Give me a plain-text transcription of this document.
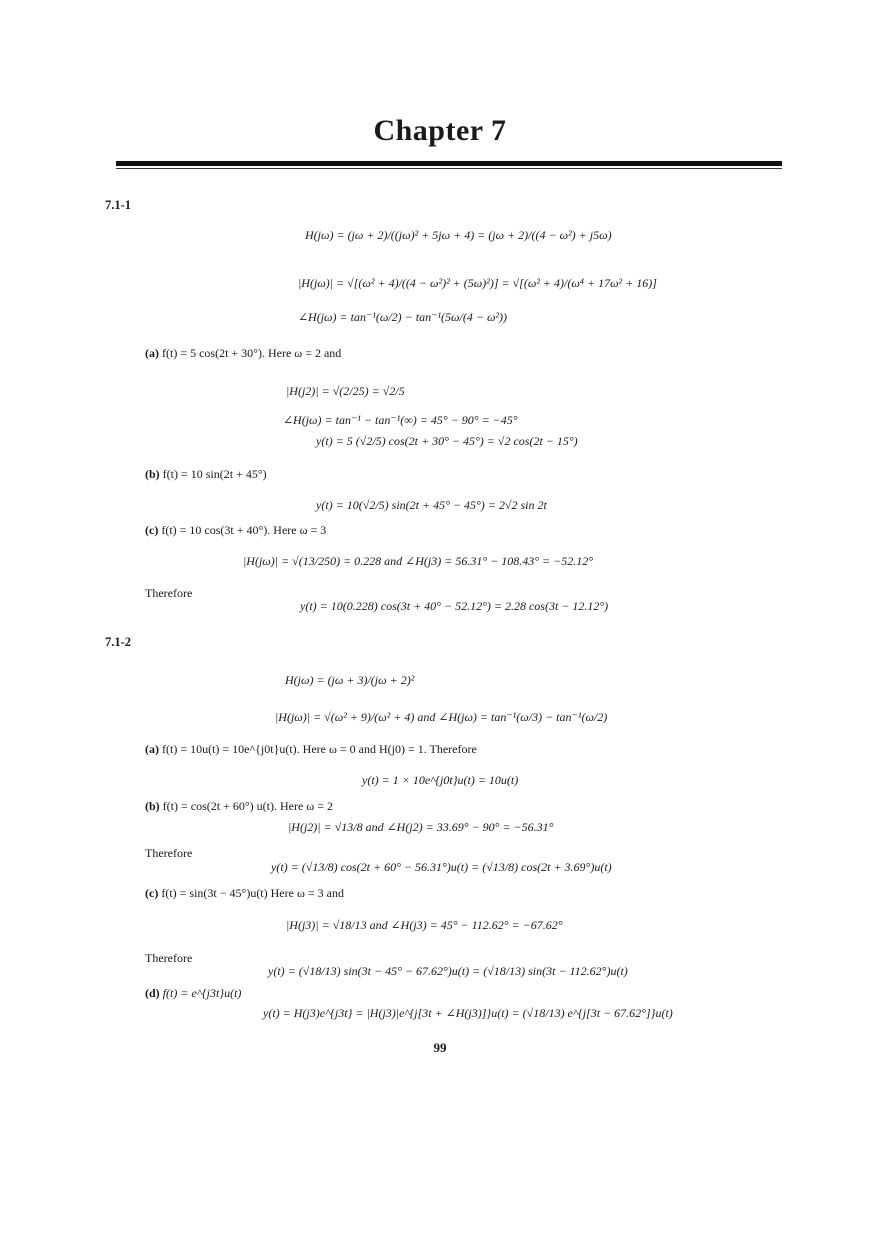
Chapter 7
7.1-1
H(jω) = (jω + 2)/((jω)² + 5jω + 4) = (jω + 2)/((4 − ω²) + j5ω)
|H(jω)| = √[(ω² + 4)/((4 − ω²)² + (5ω)²)] = √[(ω² + 4)/(ω⁴ + 17ω² + 16)]
∠H(jω) = tan⁻¹(ω/2) − tan⁻¹(5ω/(4 − ω²))
(a) f(t) = 5 cos(2t + 30°). Here ω = 2 and
|H(j2)| = √(2/25) = √2/5
∠H(jω) = tan⁻¹ − tan⁻¹(∞) = 45° − 90° = −45°
y(t) = 5 (√2/5) cos(2t + 30° − 45°) = √2 cos(2t − 15°)
(b) f(t) = 10 sin(2t + 45°)
y(t) = 10(√2/5) sin(2t + 45° − 45°) = 2√2 sin 2t
(c) f(t) = 10 cos(3t + 40°). Here ω = 3
|H(jω)| = √(13/250) = 0.228 and ∠H(j3) = 56.31° − 108.43° = −52.12°
Therefore
y(t) = 10(0.228) cos(3t + 40° − 52.12°) = 2.28 cos(3t − 12.12°)
7.1-2
H(jω) = (jω + 3)/(jω + 2)²
|H(jω)| = √(ω² + 9)/(ω² + 4) and ∠H(jω) = tan⁻¹(ω/3) − tan⁻¹(ω/2)
(a) f(t) = 10u(t) = 10e^{j0t}u(t). Here ω = 0 and H(j0) = 1. Therefore
y(t) = 1 × 10e^{j0t}u(t) = 10u(t)
(b) f(t) = cos(2t + 60°) u(t). Here ω = 2
|H(j2)| = √13/8 and ∠H(j2) = 33.69° − 90° = −56.31°
Therefore
y(t) = (√13/8) cos(2t + 60° − 56.31°)u(t) = (√13/8) cos(2t + 3.69°)u(t)
(c) f(t) = sin(3t − 45°)u(t) Here ω = 3 and
|H(j3)| = √18/13 and ∠H(j3) = 45° − 112.62° = −67.62°
Therefore
y(t) = (√18/13) sin(3t − 45° − 67.62°)u(t) = (√18/13) sin(3t − 112.62°)u(t)
(d) f(t) = e^{j3t}u(t)
y(t) = H(j3)e^{j3t} = |H(j3)|e^{j[3t + ∠H(j3)]}u(t) = (√18/13) e^{j[3t − 67.62°]}u(t)
99
